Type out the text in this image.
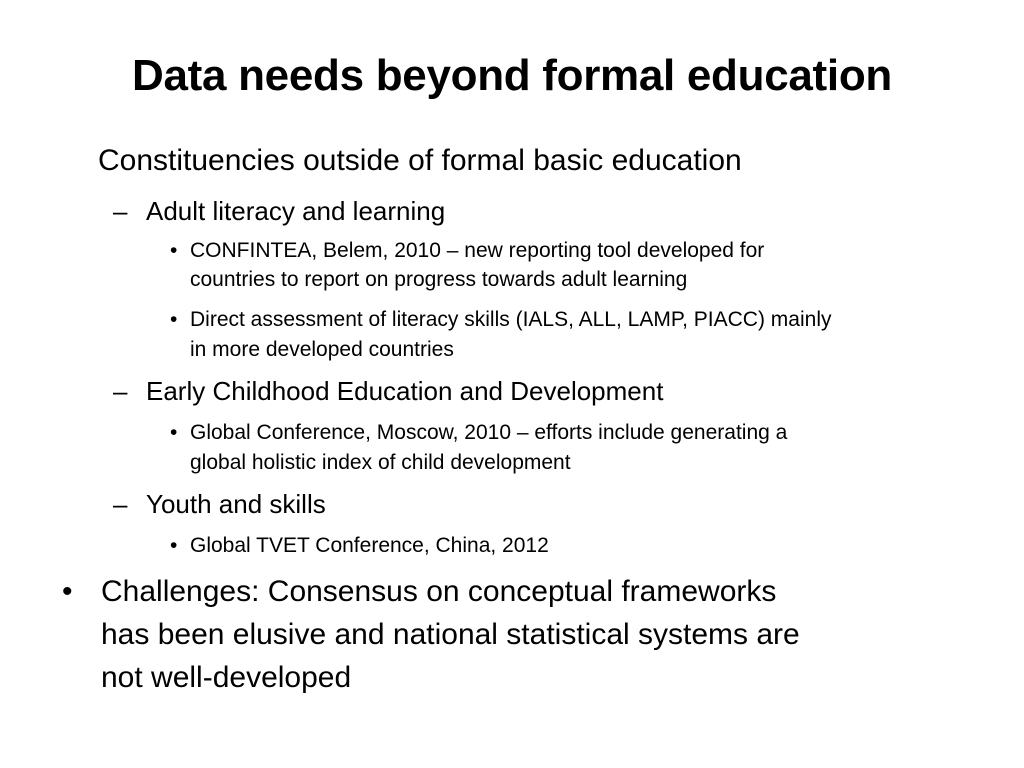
Data needs beyond formal education
Constituencies outside of formal basic education
– Adult literacy and learning
• CONFINTEA, Belem, 2010 – new reporting tool developed for
countries to report on progress towards adult learning
• Direct assessment of literacy skills (IALS, ALL, LAMP, PIACC) mainly
in more developed countries
– Early Childhood Education and Development
• Global Conference, Moscow, 2010 – efforts include generating a
global holistic index of child development
– Youth and skills
• Global TVET Conference, China, 2012
• Challenges: Consensus on conceptual frameworks
has been elusive and national statistical systems are
not well-developed
